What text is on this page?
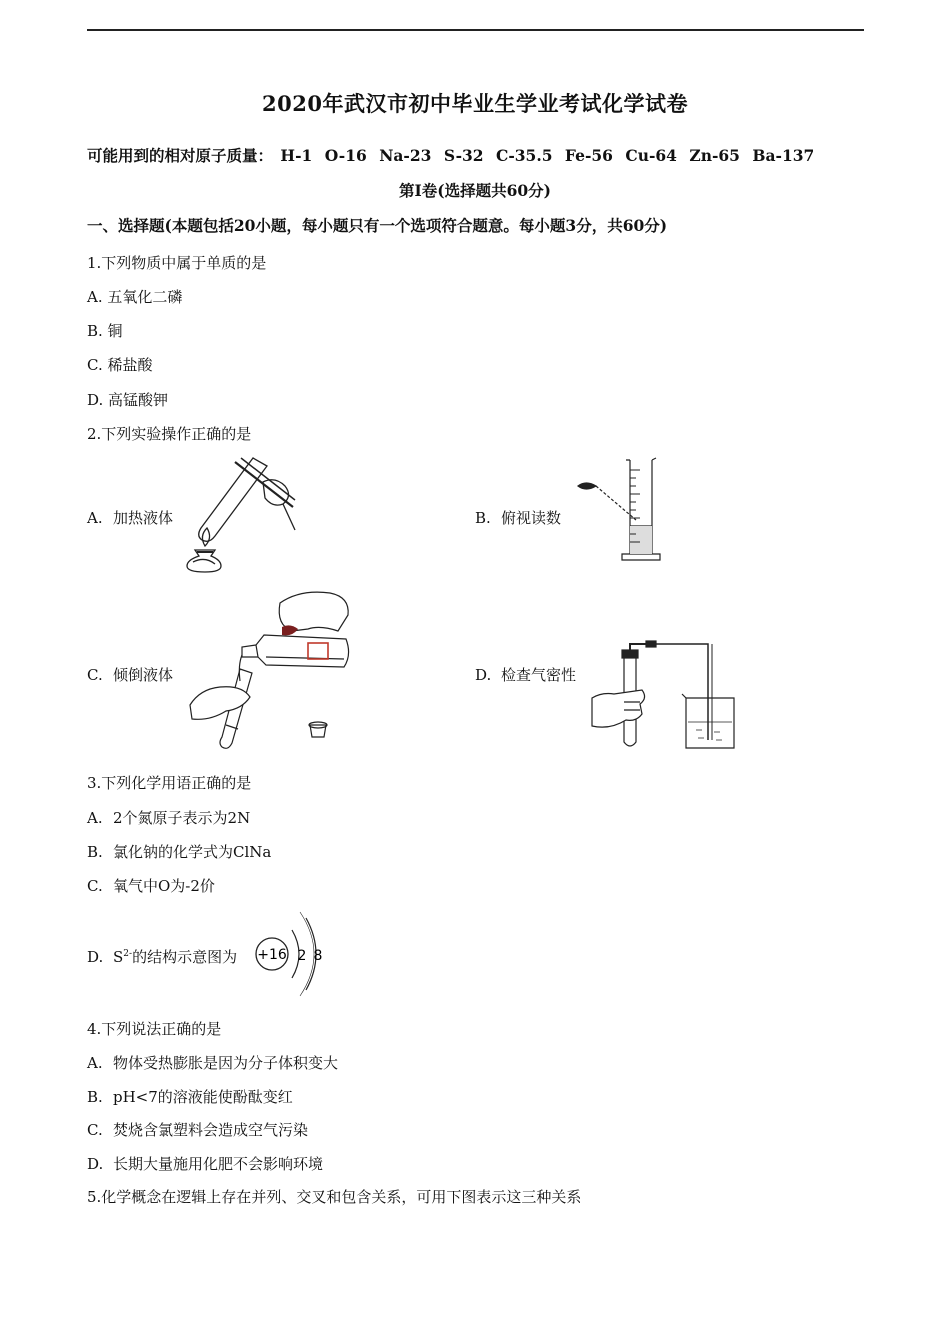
2020年武汉市初中毕业生学业考试化学试卷
可能用到的相对原子质量： H-1 O-16 Na-23 S-32 C-35.5 Fe-56 Cu-64 Zn-65 Ba-137
第I卷(选择题共60分)
一、选择题(本题包括20小题，每小题只有一个选项符合题意。每小题3分，共60分)
1.下列物质中属于单质的是
A. 五氧化二磷
B. 铜
C. 稀盐酸
D. 高锰酸钾
2.下列实验操作正确的是
A. 加热液体	B. 俯视读数
C. 倾倒液体	D. 检查气密性
3.下列化学用语正确的是
A. 2个氮原子表示为2N
B. 氯化钠的化学式为ClNa
C. 氧气中O为-2价
D. $S^{2-}$的结构示意图为 +16 2 8
4.下列说法正确的是
A. 物体受热膨胀是因为分子体积变大
B. pH<7的溶液能使酚酞变红
C. 焚烧含氯塑料会造成空气污染
D. 长期大量施用化肥不会影响环境
5.化学概念在逻辑上存在并列、交叉和包含关系，可用下图表示这三种关系
